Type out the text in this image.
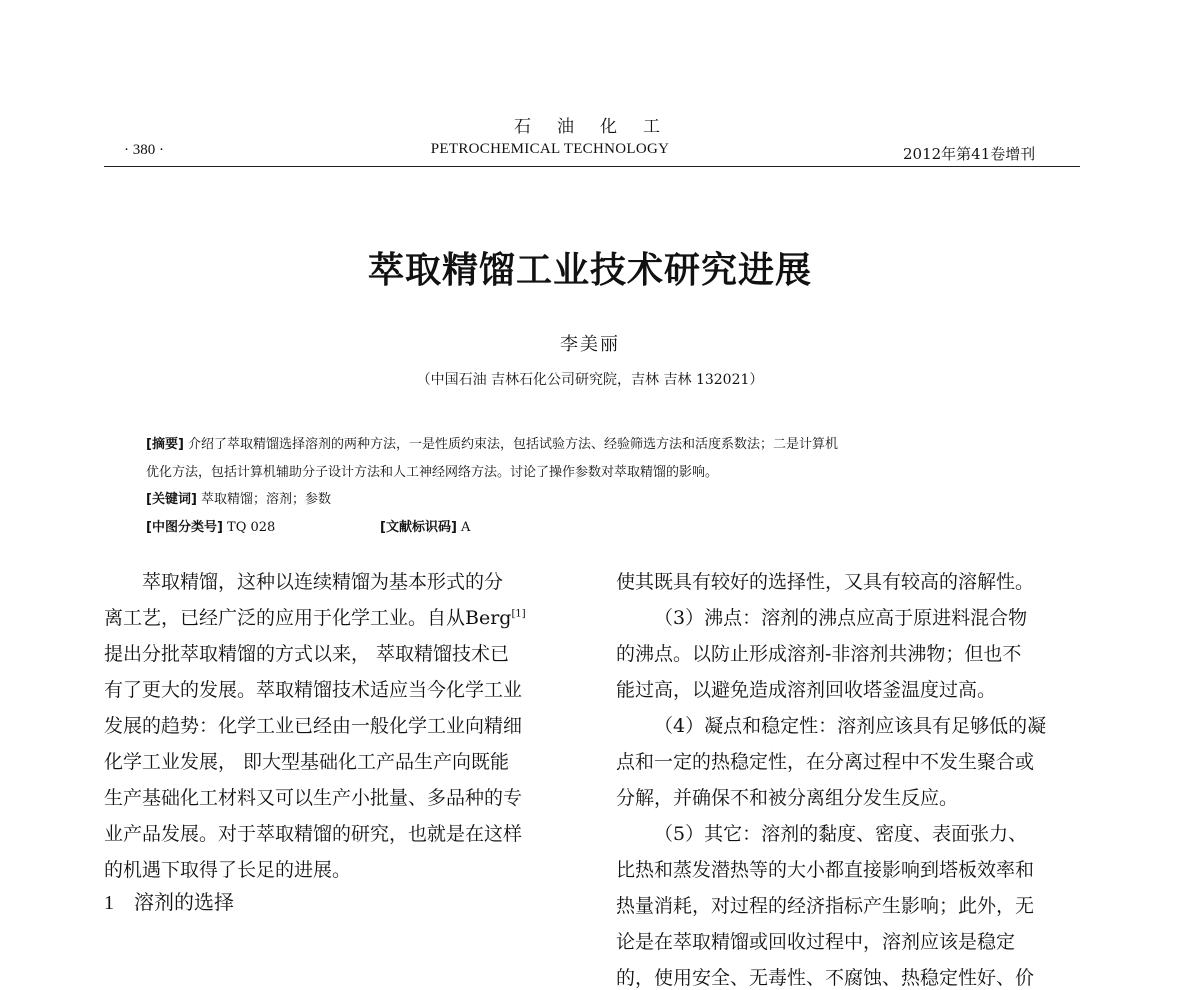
石油化工
· 380 ·	PETROCHEMICAL TECHNOLOGY	2012年第41卷增刊
萃取精馏工业技术研究进展
李美丽
（中国石油 吉林石化公司研究院，吉林 吉林 132021）
[摘要] 介绍了萃取精馏选择溶剂的两种方法，一是性质约束法，包括试验方法、经验筛选方法和活度系数法；二是计算机
优化方法，包括计算机辅助分子设计方法和人工神经网络方法。讨论了操作参数对萃取精馏的影响。
[关键词] 萃取精馏；溶剂；参数
[中图分类号] TQ 028	[文献标识码] A
萃取精馏，这种以连续精馏为基本形式的分
离工艺，已经广泛的应用于化学工业。自从Berg[1]
提出分批萃取精馏的方式以来， 萃取精馏技术已
有了更大的发展。萃取精馏技术适应当今化学工业
发展的趋势：化学工业已经由一般化学工业向精细
化学工业发展， 即大型基础化工产品生产向既能
生产基础化工材料又可以生产小批量、多品种的专
业产品发展。对于萃取精馏的研究，也就是在这样
的机遇下取得了长足的进展。
1 溶剂的选择
使其既具有较好的选择性，又具有较高的溶解性。
（3）沸点：溶剂的沸点应高于原进料混合物
的沸点。以防止形成溶剂-非溶剂共沸物；但也不
能过高，以避免造成溶剂回收塔釜温度过高。
（4）凝点和稳定性：溶剂应该具有足够低的凝
点和一定的热稳定性，在分离过程中不发生聚合或
分解，并确保不和被分离组分发生反应。
（5）其它：溶剂的黏度、密度、表面张力、
比热和蒸发潜热等的大小都直接影响到塔板效率和
热量消耗，对过程的经济指标产生影响；此外，无
论是在萃取精馏或回收过程中，溶剂应该是稳定
的，使用安全、无毒性、不腐蚀、热稳定性好、价
